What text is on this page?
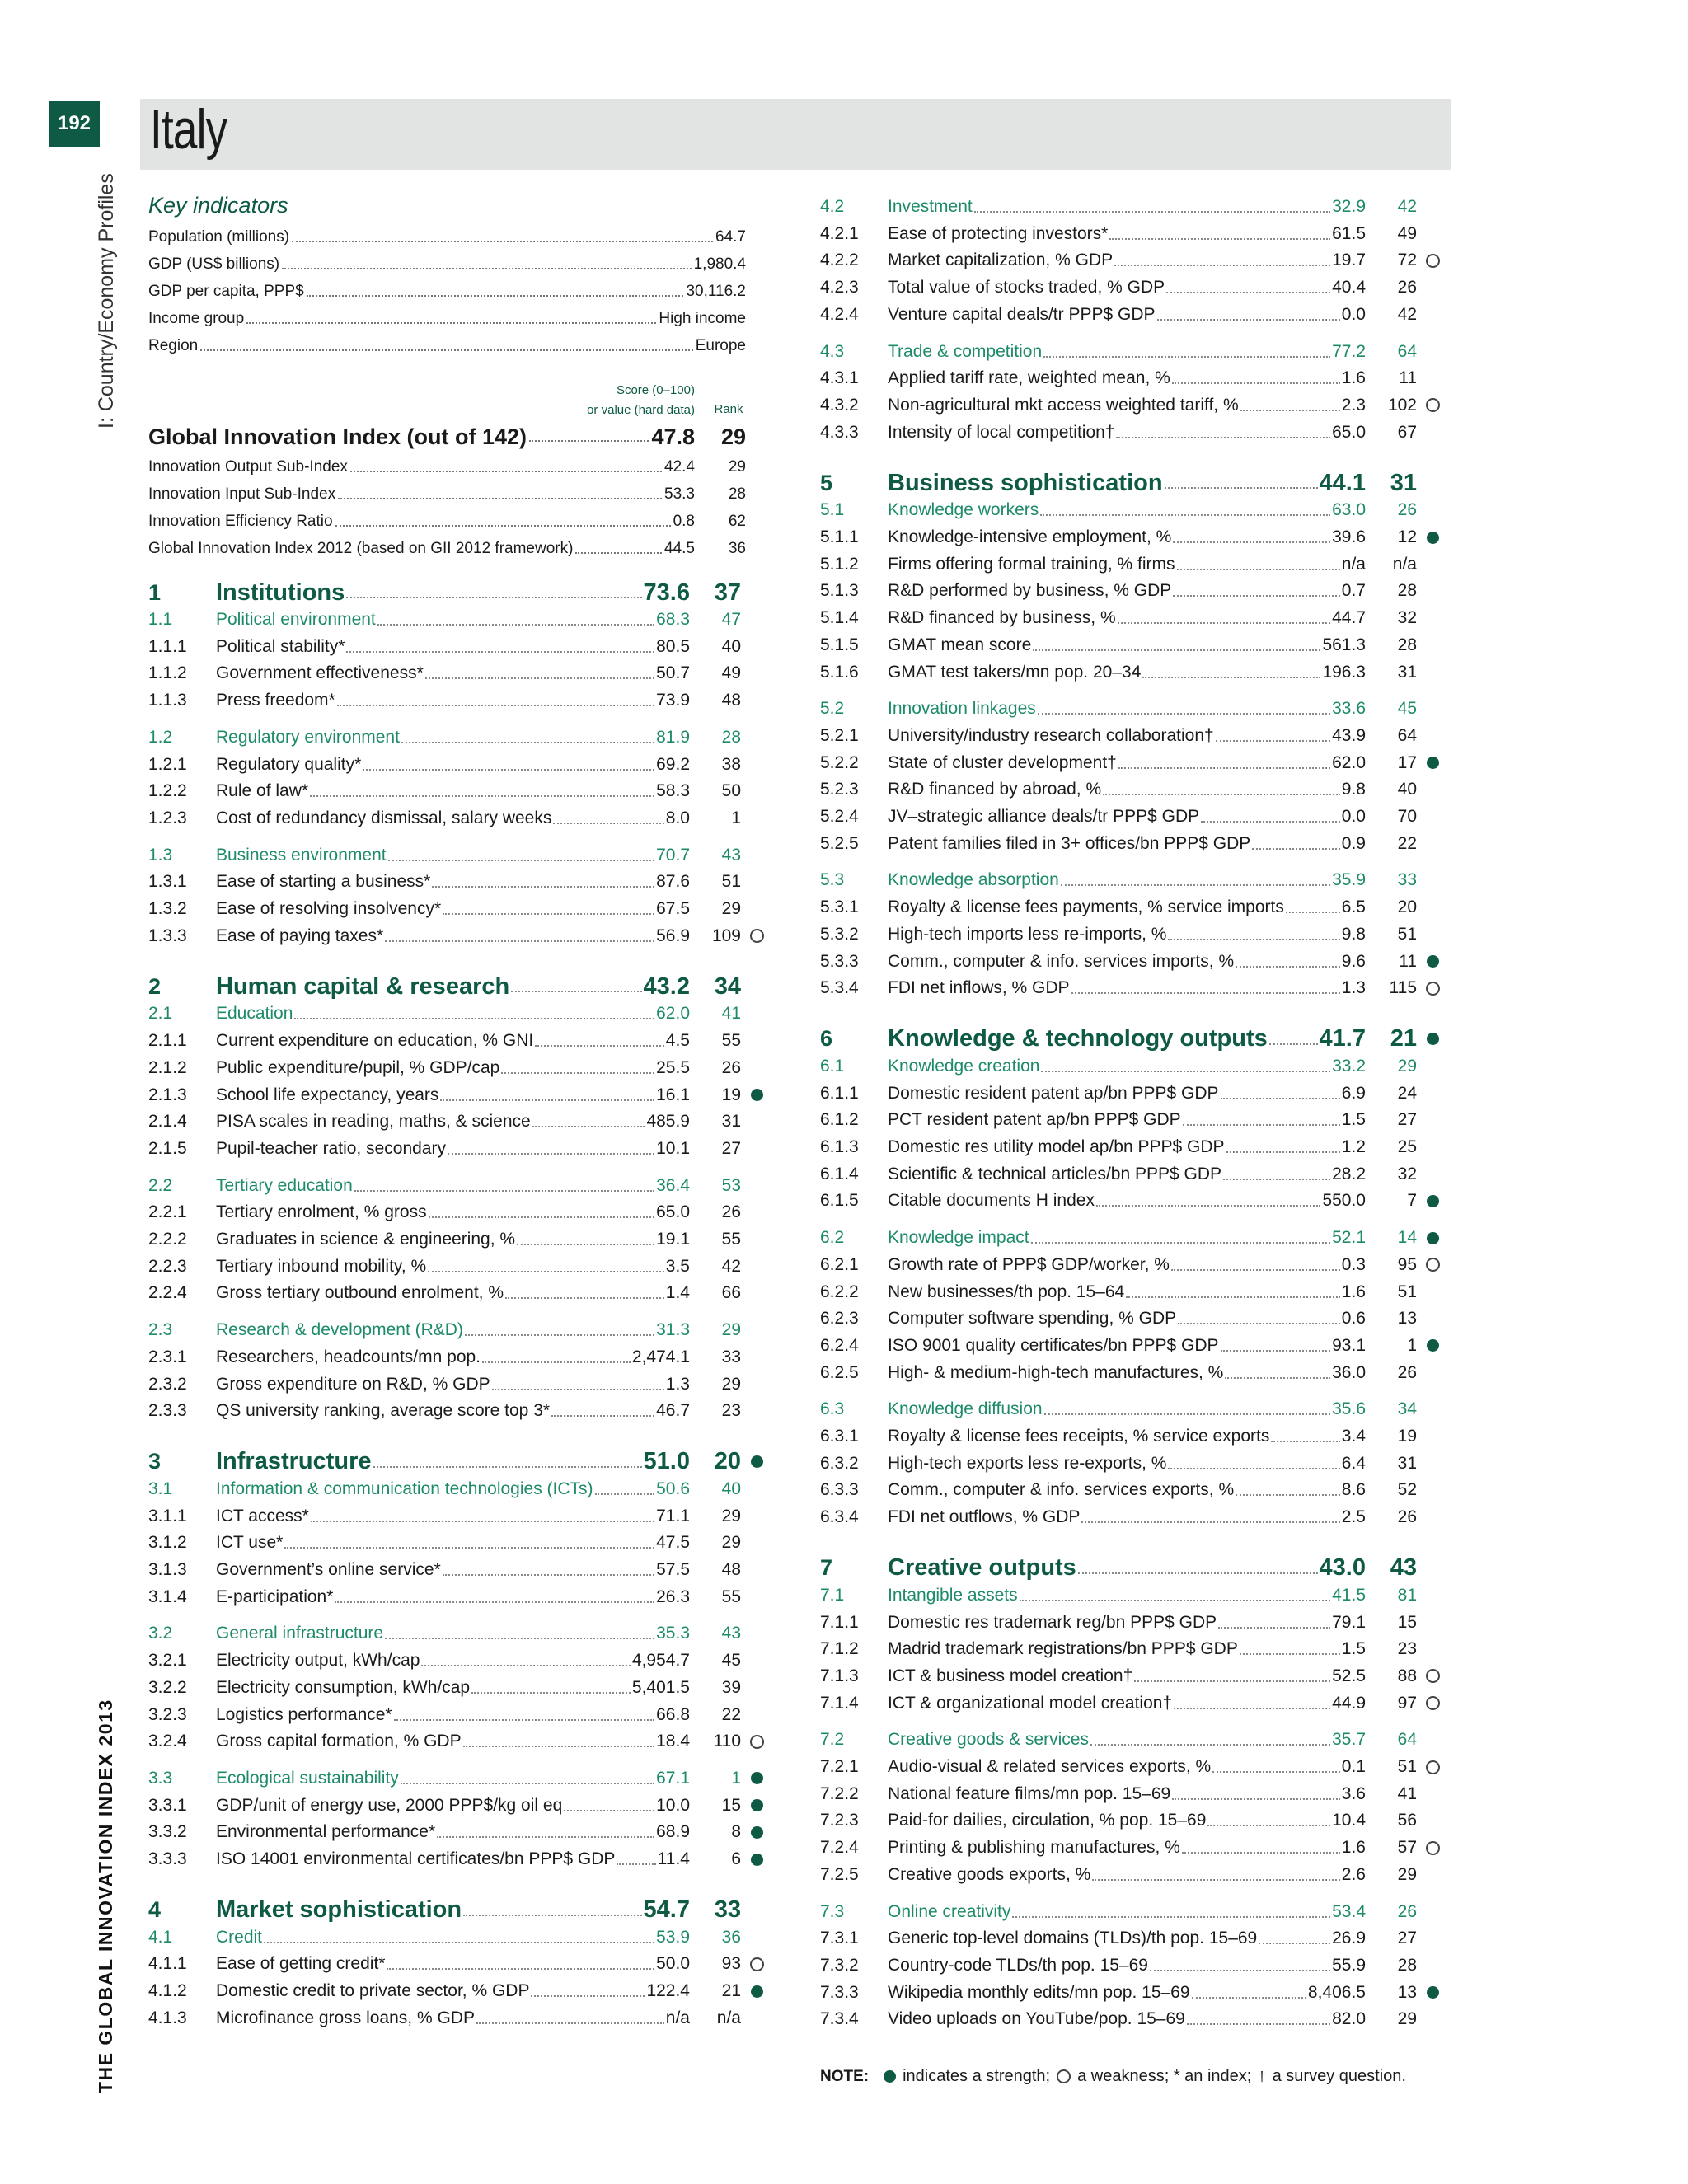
192 Italy
I: Country/Economy Profiles
THE GLOBAL INNOVATION INDEX 2013
Key indicators
Population (millions)	64.7
GDP (US$ billions)	1,980.4
GDP per capita, PPP$	30,116.2
Income group	High income
Region	Europe
Score (0–100)
or value (hard data) Rank
Global Innovation Index (out of 142)	47.8	29
Innovation Output Sub-Index	42.4	29
Innovation Input Sub-Index	53.3	28
Innovation Efficiency Ratio	0.8	62
Global Innovation Index 2012 (based on GII 2012 framework)	44.5	36
1	Institutions	73.6	37
1.1	Political environment	68.3	47
1.1.1	Political stability*	80.5	40
1.1.2	Government effectiveness*	50.7	49
1.1.3	Press freedom*	73.9	48
1.2	Regulatory environment	81.9	28
1.2.1	Regulatory quality*	69.2	38
1.2.2	Rule of law*	58.3	50
1.2.3	Cost of redundancy dismissal, salary weeks	8.0	1
1.3	Business environment	70.7	43
1.3.1	Ease of starting a business*	87.6	51
1.3.2	Ease of resolving insolvency*	67.5	29
1.3.3	Ease of paying taxes*	56.9	109
2	Human capital & research	43.2	34
2.1	Education	62.0	41
2.1.1	Current expenditure on education, % GNI	4.5	55
2.1.2	Public expenditure/pupil, % GDP/cap	25.5	26
2.1.3	School life expectancy, years	16.1	19
2.1.4	PISA scales in reading, maths, & science	485.9	31
2.1.5	Pupil-teacher ratio, secondary	10.1	27
2.2	Tertiary education	36.4	53
2.2.1	Tertiary enrolment, % gross	65.0	26
2.2.2	Graduates in science & engineering, %	19.1	55
2.2.3	Tertiary inbound mobility, %	3.5	42
2.2.4	Gross tertiary outbound enrolment, %	1.4	66
2.3	Research & development (R&D)	31.3	29
2.3.1	Researchers, headcounts/mn pop.	2,474.1	33
2.3.2	Gross expenditure on R&D, % GDP	1.3	29
2.3.3	QS university ranking, average score top 3*	46.7	23
3	Infrastructure	51.0	20
3.1	Information & communication technologies (ICTs)	50.6	40
3.1.1	ICT access*	71.1	29
3.1.2	ICT use*	47.5	29
3.1.3	Government’s online service*	57.5	48
3.1.4	E-participation*	26.3	55
3.2	General infrastructure	35.3	43
3.2.1	Electricity output, kWh/cap	4,954.7	45
3.2.2	Electricity consumption, kWh/cap	5,401.5	39
3.2.3	Logistics performance*	66.8	22
3.2.4	Gross capital formation, % GDP	18.4	110
3.3	Ecological sustainability	67.1	1
3.3.1	GDP/unit of energy use, 2000 PPP$/kg oil eq	10.0	15
3.3.2	Environmental performance*	68.9	8
3.3.3	ISO 14001 environmental certificates/bn PPP$ GDP 11.4	6
4	Market sophistication	54.7	33
4.1	Credit	53.9	36
4.1.1	Ease of getting credit*	50.0	93
4.1.2	Domestic credit to private sector, % GDP	122.4	21
4.1.3	Microfinance gross loans, % GDP	n/a	n/a
4.2	Investment	32.9	42
4.2.1	Ease of protecting investors*	61.5	49
4.2.2	Market capitalization, % GDP	19.7	72
4.2.3	Total value of stocks traded, % GDP	40.4	26
4.2.4	Venture capital deals/tr PPP$ GDP	0.0	42
4.3	Trade & competition	77.2	64
4.3.1	Applied tariff rate, weighted mean, %	1.6	11
4.3.2	Non-agricultural mkt access weighted tariff, %	2.3	102
4.3.3	Intensity of local competition†	65.0	67
5	Business sophistication	44.1	31
5.1	Knowledge workers	63.0	26
5.1.1	Knowledge-intensive employment, %	39.6	12
5.1.2	Firms offering formal training, % firms	n/a	n/a
5.1.3	R&D performed by business, % GDP	0.7	28
5.1.4	R&D financed by business, %	44.7	32
5.1.5	GMAT mean score	561.3	28
5.1.6	GMAT test takers/mn pop. 20–34	196.3	31
5.2	Innovation linkages	33.6	45
5.2.1	University/industry research collaboration†	43.9	64
5.2.2	State of cluster development†	62.0	17
5.2.3	R&D financed by abroad, %	9.8	40
5.2.4	JV–strategic alliance deals/tr PPP$ GDP	0.0	70
5.2.5	Patent families filed in 3+ offices/bn PPP$ GDP	0.9	22
5.3	Knowledge absorption	35.9	33
5.3.1	Royalty & license fees payments, % service imports	6.5	20
5.3.2	High-tech imports less re-imports, %	9.8	51
5.3.3	Comm., computer & info. services imports, %	9.6	11
5.3.4	FDI net inflows, % GDP	1.3	115
6	Knowledge & technology outputs 41.7	21
6.1	Knowledge creation	33.2	29
6.1.1	Domestic resident patent ap/bn PPP$ GDP	6.9	24
6.1.2	PCT resident patent ap/bn PPP$ GDP	1.5	27
6.1.3	Domestic res utility model ap/bn PPP$ GDP	1.2	25
6.1.4	Scientific & technical articles/bn PPP$ GDP	28.2	32
6.1.5	Citable documents H index	550.0	7
6.2	Knowledge impact	52.1	14
6.2.1	Growth rate of PPP$ GDP/worker, %	0.3	95
6.2.2	New businesses/th pop. 15–64	1.6	51
6.2.3	Computer software spending, % GDP	0.6	13
6.2.4	ISO 9001 quality certificates/bn PPP$ GDP	93.1	1
6.2.5	High- & medium-high-tech manufactures, %	36.0	26
6.3	Knowledge diffusion	35.6	34
6.3.1	Royalty & license fees receipts, % service exports	3.4	19
6.3.2	High-tech exports less re-exports, %	6.4	31
6.3.3	Comm., computer & info. services exports, %	8.6	52
6.3.4	FDI net outflows, % GDP	2.5	26
7	Creative outputs	43.0	43
7.1	Intangible assets	41.5	81
7.1.1	Domestic res trademark reg/bn PPP$ GDP	79.1	15
7.1.2	Madrid trademark registrations/bn PPP$ GDP	1.5	23
7.1.3	ICT & business model creation†	52.5	88
7.1.4	ICT & organizational model creation†	44.9	97
7.2	Creative goods & services	35.7	64
7.2.1	Audio-visual & related services exports, %	0.1	51
7.2.2	National feature films/mn pop. 15–69	3.6	41
7.2.3	Paid-for dailies, circulation, % pop. 15–69	10.4	56
7.2.4	Printing & publishing manufactures, %	1.6	57
7.2.5	Creative goods exports, %	2.6	29
7.3	Online creativity	53.4	26
7.3.1	Generic top-level domains (TLDs)/th pop. 15–69	26.9	27
7.3.2	Country-code TLDs/th pop. 15–69	55.9	28
7.3.3	Wikipedia monthly edits/mn pop. 15–69	8,406.5	13
7.3.4	Video uploads on YouTube/pop. 15–69	82.0	29
NOTE: indicates a strength; a weakness; * an index; † a survey question.
